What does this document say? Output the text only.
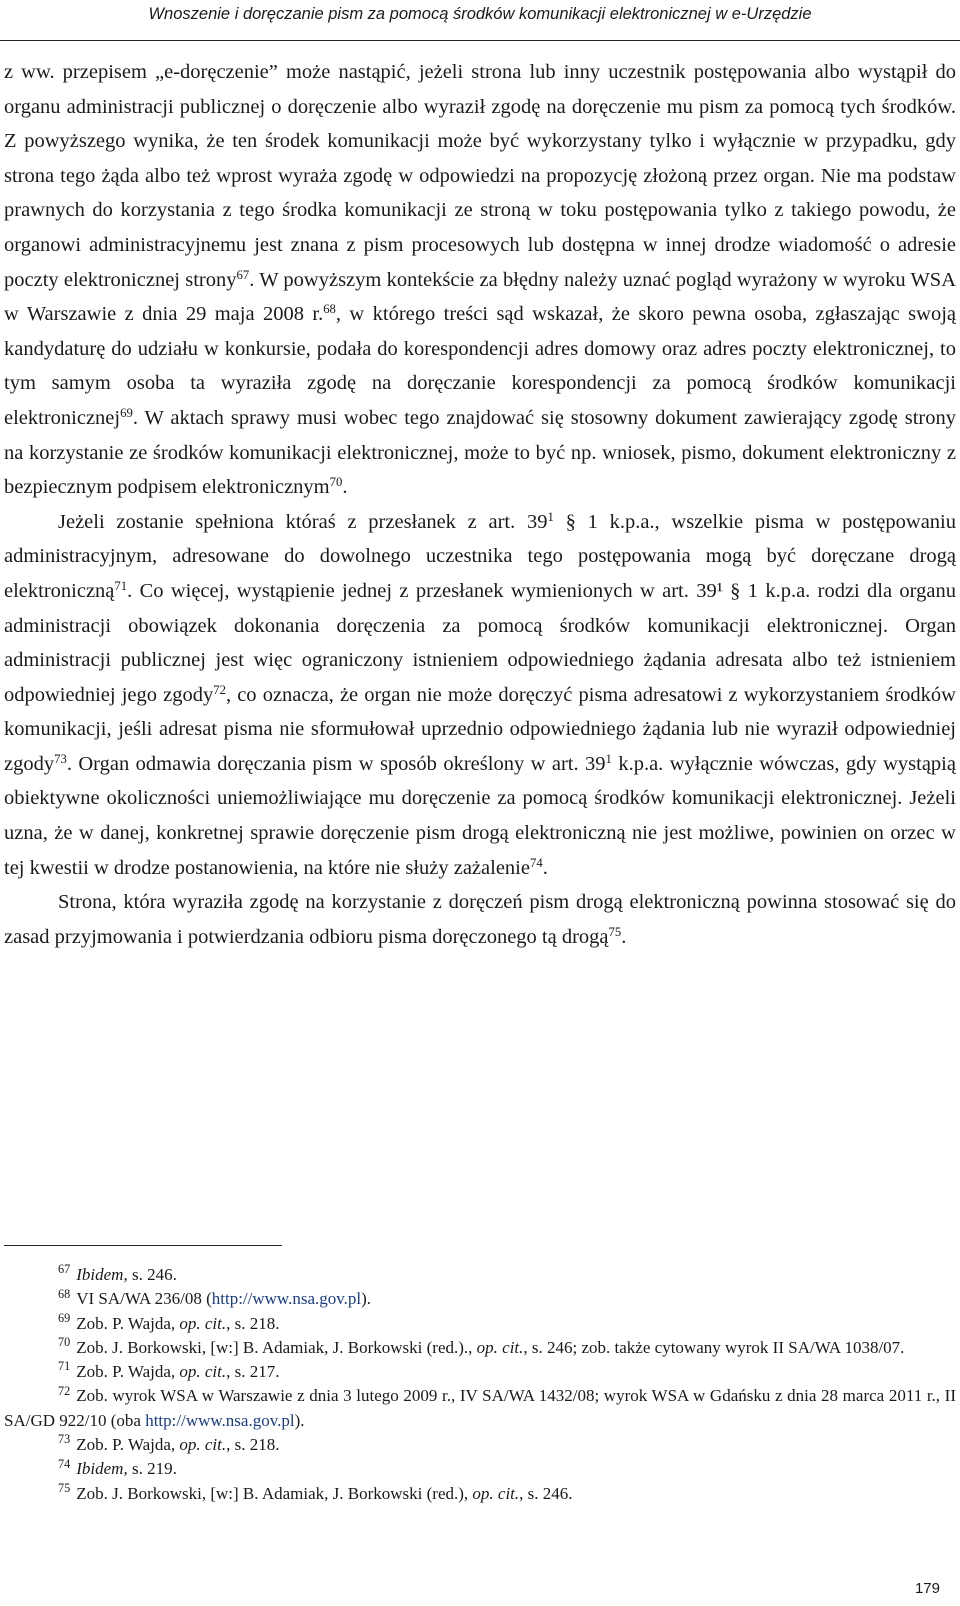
Wnoszenie i doręczanie pism za pomocą środków komunikacji elektronicznej w e-Urzędzie

z ww. przepisem „e-doręczenie” może nastąpić, jeżeli strona lub inny uczestnik postępowania albo wystąpił do organu administracji publicznej o doręczenie albo wyraził zgodę na doręczenie mu pism za pomocą tych środków. Z powyższego wynika, że ten środek komunikacji może być wykorzystany tylko i wyłącznie w przypadku, gdy strona tego żąda albo też wprost wyraża zgodę w odpowiedzi na propozycję złożoną przez organ. Nie ma podstaw prawnych do korzystania z tego środka komunikacji ze stroną w toku postępowania tylko z takiego powodu, że organowi administracyjnemu jest znana z pism procesowych lub dostępna w innej drodze wiadomość o adresie poczty elektronicznej strony$^{67}$. W powyższym kontekście za błędny należy uznać pogląd wyrażony w wyroku WSA w Warszawie z dnia 29 maja 2008 r.$^{68}$, w którego treści sąd wskazał, że skoro pewna osoba, zgłaszając swoją kandydaturę do udziału w konkursie, podała do korespondencji adres domowy oraz adres poczty elektronicznej, to tym samym osoba ta wyraziła zgodę na doręczanie korespondencji za pomocą środków komunikacji elektronicznej$^{69}$. W aktach sprawy musi wobec tego znajdować się stosowny dokument zawierający zgodę strony na korzystanie ze środków komunikacji elektronicznej, może to być np. wniosek, pismo, dokument elektroniczny z bezpiecznym podpisem elektronicznym$^{70}$.

Jeżeli zostanie spełniona któraś z przesłanek z art. $39^1$ § 1 k.p.a., wszelkie pisma w postępowaniu administracyjnym, adresowane do dowolnego uczestnika tego postępowania mogą być doręczane drogą elektroniczną$^{71}$. Co więcej, wystąpienie jednej z przesłanek wymienionych w art. 39¹ § 1 k.p.a. rodzi dla organu administracji obowiązek dokonania doręczenia za pomocą środków komunikacji elektronicznej. Organ administracji publicznej jest więc ograniczony istnieniem odpowiedniego żądania adresata albo też istnieniem odpowiedniej jego zgody$^{72}$, co oznacza, że organ nie może doręczyć pisma adresatowi z wykorzystaniem środków komunikacji, jeśli adresat pisma nie sformułował uprzednio odpowiedniego żądania lub nie wyraził odpowiedniej zgody$^{73}$. Organ odmawia doręczania pism w sposób określony w art. $39^1$ k.p.a. wyłącznie wówczas, gdy wystąpią obiektywne okoliczności uniemożliwiające mu doręczenie za pomocą środków komunikacji elektronicznej. Jeżeli uzna, że w danej, konkretnej sprawie doręczenie pism drogą elektroniczną nie jest możliwe, powinien on orzec w tej kwestii w drodze postanowienia, na które nie służy zażalenie$^{74}$.

Strona, która wyraziła zgodę na korzystanie z doręczeń pism drogą elektroniczną powinna stosować się do zasad przyjmowania i potwierdzania odbioru pisma doręczonego tą drogą$^{75}$.

$^{67}$ Ibidem, s. 246.

$^{68}$ VI SA/WA 236/08 (http://www.nsa.gov.pl).

$^{69}$ Zob. P. Wajda, op. cit., s. 218.

$^{70}$ Zob. J. Borkowski, [w:] B. Adamiak, J. Borkowski (red.)., op. cit., s. 246; zob. także cytowany wyrok II SA/WA 1038/07.

$^{71}$ Zob. P. Wajda, op. cit., s. 217.

$^{72}$ Zob. wyrok WSA w Warszawie z dnia 3 lutego 2009 r., IV SA/WA 1432/08; wyrok WSA w Gdańsku z dnia 28 marca 2011 r., II SA/GD 922/10 (oba http://www.nsa.gov.pl).

$^{73}$ Zob. P. Wajda, op. cit., s. 218.

$^{74}$ Ibidem, s. 219.

$^{75}$ Zob. J. Borkowski, [w:] B. Adamiak, J. Borkowski (red.), op. cit., s. 246.

179
